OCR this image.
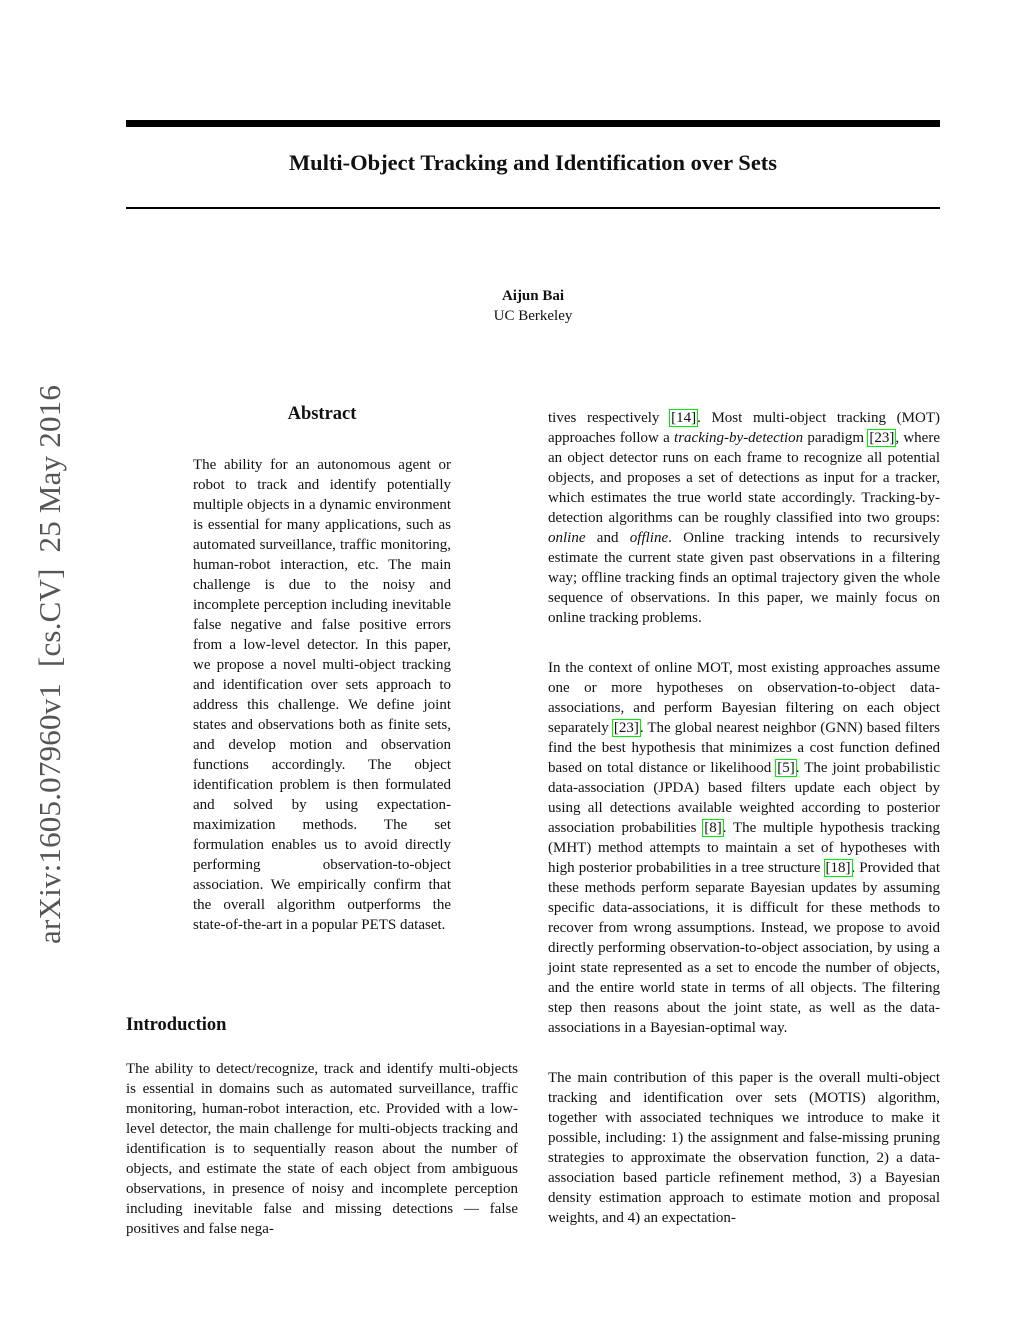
Multi-Object Tracking and Identification over Sets
Aijun Bai
UC Berkeley
arXiv:1605.07960v1  [cs.CV]  25 May 2016	Abstract

The ability for an autonomous agent or robot to track and identify potentially multiple objects in a dynamic environment is essential for many applications, such as automated surveillance, traffic monitoring, human-robot interaction, etc. The main challenge is due to the noisy and incomplete perception including inevitable false negative and false positive errors from a low-level detector. In this paper, we propose a novel multi-object tracking and identification over sets approach to address this challenge. We define joint states and observations both as finite sets, and develop motion and observation functions accordingly. The object identification problem is then formulated and solved by using expectation-maximization methods. The set formulation enables us to avoid directly performing observation-to-object association. We empirically confirm that the overall algorithm outperforms the state-of-the-art in a popular PETS dataset.

Introduction

The ability to detect/recognize, track and identify multi-objects is essential in domains such as automated surveillance, traffic monitoring, human-robot interaction, etc. Provided with a low-level detector, the main challenge for multi-objects tracking and identification is to sequentially reason about the number of objects, and estimate the state of each object from ambiguous observations, in presence of noisy and incomplete perception including inevitable false and missing detections — false positives and false nega-

tives respectively [14]. Most multi-object tracking (MOT) approaches follow a tracking-by-detection paradigm [23], where an object detector runs on each frame to recognize all potential objects, and proposes a set of detections as input for a tracker, which estimates the true world state accordingly. Tracking-by-detection algorithms can be roughly classified into two groups: online and offline. Online tracking intends to recursively estimate the current state given past observations in a filtering way; offline tracking finds an optimal trajectory given the whole sequence of observations. In this paper, we mainly focus on online tracking problems.

In the context of online MOT, most existing approaches assume one or more hypotheses on observation-to-object data-associations, and perform Bayesian filtering on each object separately [23]. The global nearest neighbor (GNN) based filters find the best hypothesis that minimizes a cost function defined based on total distance or likelihood [5]. The joint probabilistic data-association (JPDA) based filters update each object by using all detections available weighted according to posterior association probabilities [8]. The multiple hypothesis tracking (MHT) method attempts to maintain a set of hypotheses with high posterior probabilities in a tree structure [18]. Provided that these methods perform separate Bayesian updates by assuming specific data-associations, it is difficult for these methods to recover from wrong assumptions. Instead, we propose to avoid directly performing observation-to-object association, by using a joint state represented as a set to encode the number of objects, and the entire world state in terms of all objects. The filtering step then reasons about the joint state, as well as the data-associations in a Bayesian-optimal way.

The main contribution of this paper is the overall multi-object tracking and identification over sets (MOTIS) algorithm, together with associated techniques we introduce to make it possible, including: 1) the assignment and false-missing pruning strategies to approximate the observation function, 2) a data-association based particle refinement method, 3) a Bayesian density estimation approach to estimate motion and proposal weights, and 4) an expectation-
